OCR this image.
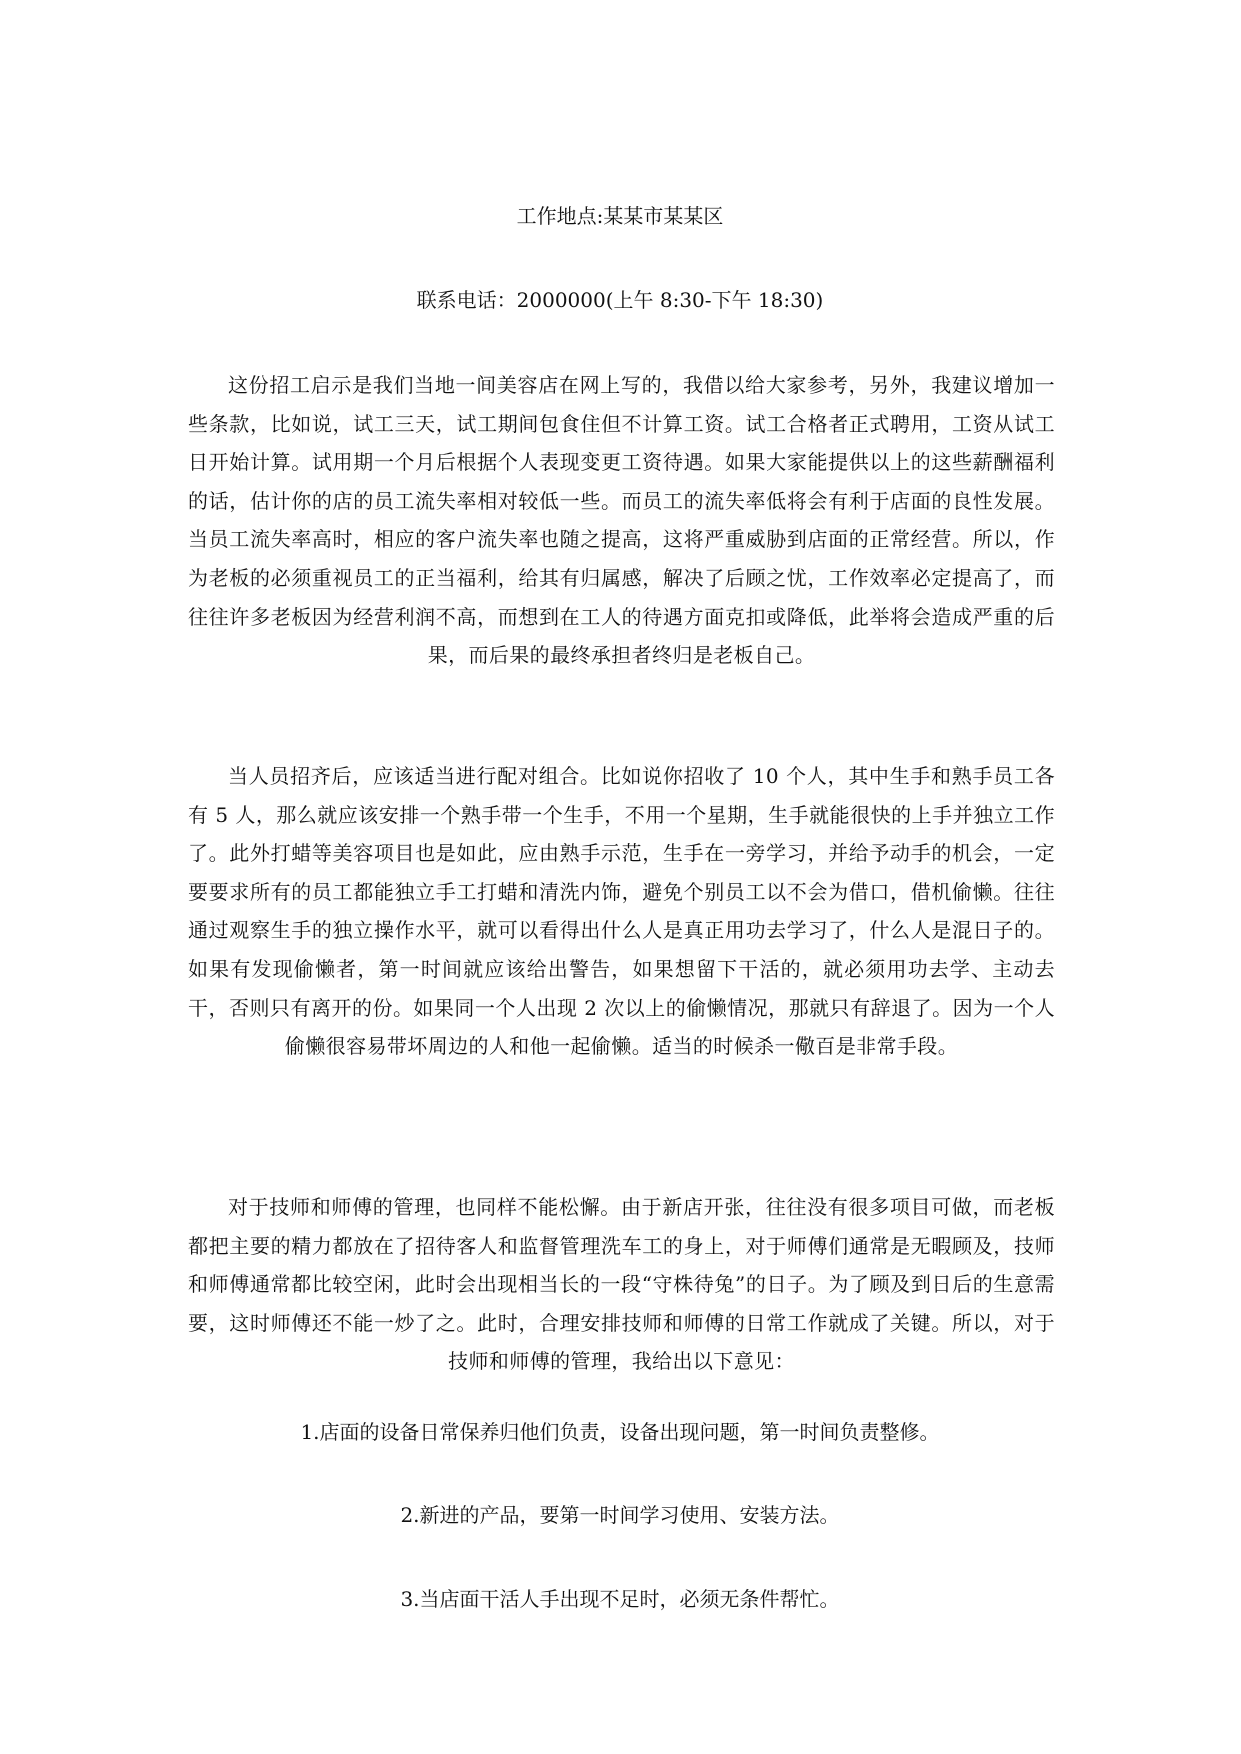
工作地点:某某市某某区
联系电话：2000000(上午 8:30-下午 18:30)
这份招工启示是我们当地一间美容店在网上写的，我借以给大家参考，另外，我建议增加一些条款，比如说，试工三天，试工期间包食住但不计算工资。试工合格者正式聘用，工资从试工日开始计算。试用期一个月后根据个人表现变更工资待遇。如果大家能提供以上的这些薪酬福利的话，估计你的店的员工流失率相对较低一些。而员工的流失率低将会有利于店面的良性发展。当员工流失率高时，相应的客户流失率也随之提高，这将严重威胁到店面的正常经营。所以，作为老板的必须重视员工的正当福利，给其有归属感，解决了后顾之忧，工作效率必定提高了，而往往许多老板因为经营利润不高，而想到在工人的待遇方面克扣或降低，此举将会造成严重的后果，而后果的最终承担者终归是老板自己。
当人员招齐后，应该适当进行配对组合。比如说你招收了 10 个人，其中生手和熟手员工各有 5 人，那么就应该安排一个熟手带一个生手，不用一个星期，生手就能很快的上手并独立工作了。此外打蜡等美容项目也是如此，应由熟手示范，生手在一旁学习，并给予动手的机会，一定要要求所有的员工都能独立手工打蜡和清洗内饰，避免个别员工以不会为借口，借机偷懒。往往通过观察生手的独立操作水平，就可以看得出什么人是真正用功去学习了，什么人是混日子的。如果有发现偷懒者，第一时间就应该给出警告，如果想留下干活的，就必须用功去学、主动去干，否则只有离开的份。如果同一个人出现 2 次以上的偷懒情况，那就只有辞退了。因为一个人偷懒很容易带坏周边的人和他一起偷懒。适当的时候杀一儆百是非常手段。
对于技师和师傅的管理，也同样不能松懈。由于新店开张，往往没有很多项目可做，而老板都把主要的精力都放在了招待客人和监督管理洗车工的身上，对于师傅们通常是无暇顾及，技师和师傅通常都比较空闲，此时会出现相当长的一段“守株待兔”的日子。为了顾及到日后的生意需要，这时师傅还不能一炒了之。此时，合理安排技师和师傅的日常工作就成了关键。所以，对于技师和师傅的管理，我给出以下意见：
1.店面的设备日常保养归他们负责，设备出现问题，第一时间负责整修。
2.新进的产品，要第一时间学习使用、安装方法。
3.当店面干活人手出现不足时，必须无条件帮忙。
